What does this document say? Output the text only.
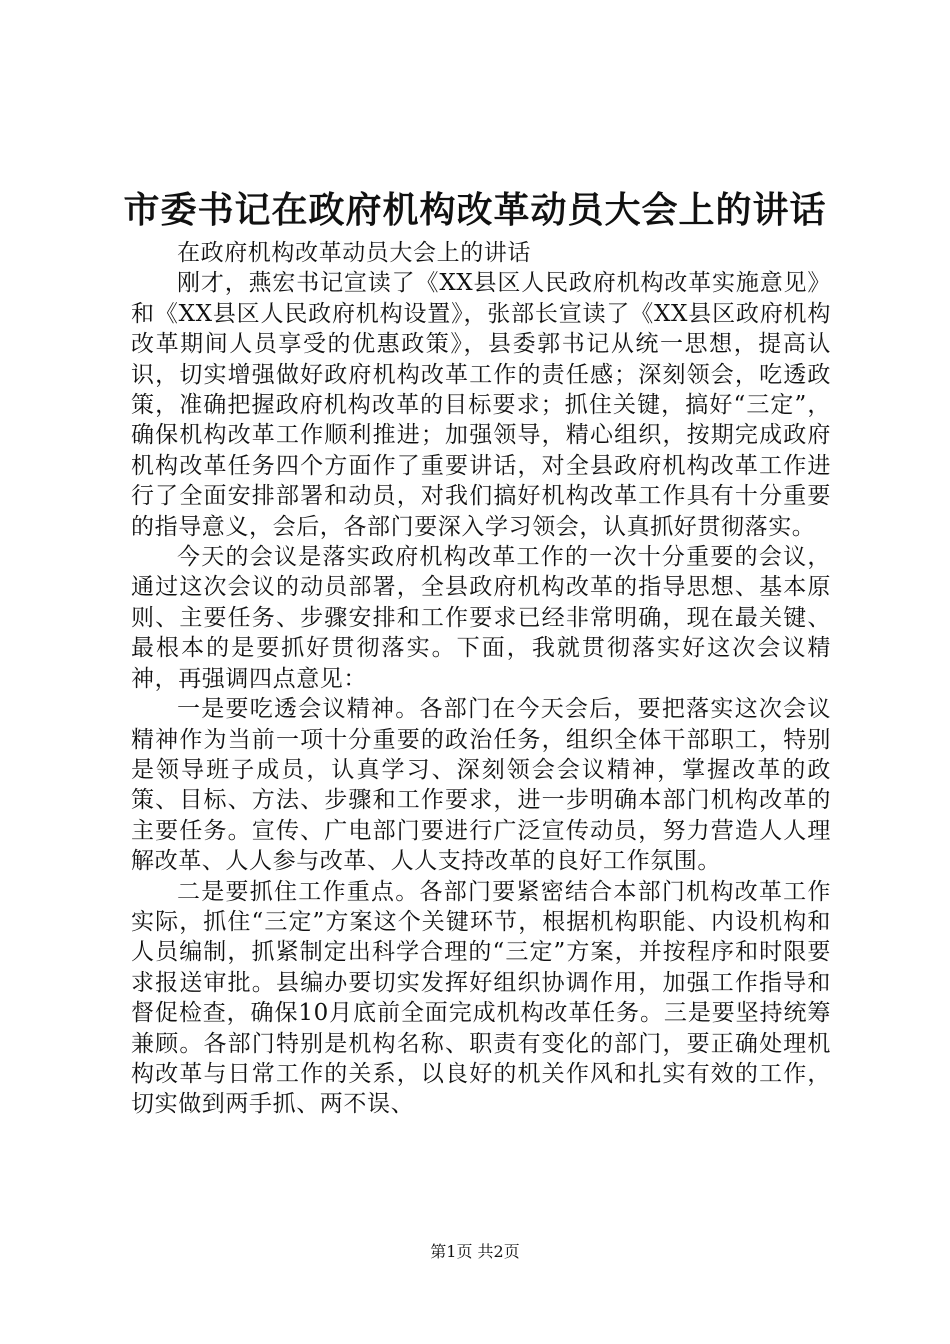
市委书记在政府机构改革动员大会上的讲话

在政府机构改革动员大会上的讲话

刚才，燕宏书记宣读了《XX县区人民政府机构改革实施意见》和《XX县区人民政府机构设置》，张部长宣读了《XX县区政府机构改革期间人员享受的优惠政策》，县委郭书记从统一思想，提高认识，切实增强做好政府机构改革工作的责任感；深刻领会，吃透政策，准确把握政府机构改革的目标要求；抓住关键，搞好“三定”，确保机构改革工作顺利推进；加强领导，精心组织，按期完成政府机构改革任务四个方面作了重要讲话，对全县政府机构改革工作进行了全面安排部署和动员，对我们搞好机构改革工作具有十分重要的指导意义，会后，各部门要深入学习领会，认真抓好贯彻落实。

今天的会议是落实政府机构改革工作的一次十分重要的会议，通过这次会议的动员部署，全县政府机构改革的指导思想、基本原则、主要任务、步骤安排和工作要求已经非常明确，现在最关键、最根本的是要抓好贯彻落实。下面，我就贯彻落实好这次会议精神，再强调四点意见：

一是要吃透会议精神。各部门在今天会后，要把落实这次会议精神作为当前一项十分重要的政治任务，组织全体干部职工，特别是领导班子成员，认真学习、深刻领会会议精神，掌握改革的政策、目标、方法、步骤和工作要求，进一步明确本部门机构改革的主要任务。宣传、广电部门要进行广泛宣传动员，努力营造人人理解改革、人人参与改革、人人支持改革的良好工作氛围。

二是要抓住工作重点。各部门要紧密结合本部门机构改革工作实际，抓住“三定”方案这个关键环节，根据机构职能、内设机构和人员编制，抓紧制定出科学合理的“三定”方案，并按程序和时限要求报送审批。县编办要切实发挥好组织协调作用，加强工作指导和督促检查，确保10月底前全面完成机构改革任务。三是要坚持统筹兼顾。各部门特别是机构名称、职责有变化的部门，要正确处理机构改革与日常工作的关系，以良好的机关作风和扎实有效的工作，切实做到两手抓、两不误、

第1页 共2页
